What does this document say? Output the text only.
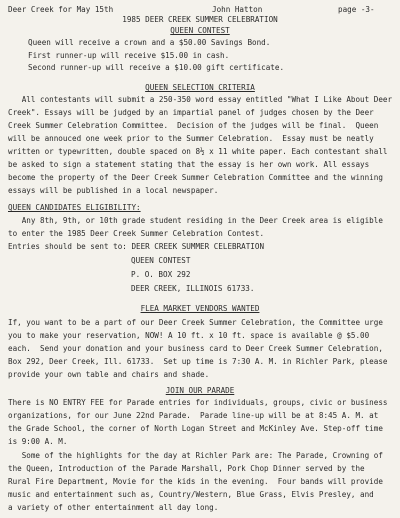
Deer Creek for May 15th	John Hatton	page -3-
1985 DEER CREEK SUMMER CELEBRATION
QUEEN CONTEST
Queen will receive a crown and a $50.00 Savings Bond.
First runner-up will receive $15.00 in cash.
Second runner-up will receive a $10.00 gift certificate.
QUEEN SELECTION CRITERIA
All contestants will submit a 250-350 word essay entitled "What I Like About Deer
Creek". Essays will be judged by an impartial panel of judges chosen by the Deer
Creek Summer Celebration Committee.  Decision of the judges will be final.  Queen
will be annouced one week prior to the Summer Celebration.  Essay must be neatly
written or typewritten, double spaced on 8½ x 11 white paper. Each contestant shall
be asked to sign a statement stating that the essay is her own work. All essays
become the property of the Deer Creek Summer Celebration Committee and the winning
essays will be published in a local newspaper.
QUEEN CANDIDATES ELIGIBILITY:
Any 8th, 9th, or 10th grade student residing in the Deer Creek area is eligible
to enter the 1985 Deer Creek Summer Celebration Contest.
Entries should be sent to: DEER CREEK SUMMER CELEBRATION
QUEEN CONTEST
P. O. BOX 292
DEER CREEK, ILLINOIS 61733.
FLEA MARKET VENDORS WANTED
If, you want to be a part of our Deer Creek Summer Celebration, the Committee urge
you to make your reservation, NOW! A 10 ft. x 10 ft. space is available @ $5.00
each.  Send your donation and your business card to Deer Creek Summer Celebration,
Box 292, Deer Creek, Ill. 61733.  Set up time is 7:30 A. M. in Richler Park, please
provide your own table and chairs and shade.
JOIN OUR PARADE
There is NO ENTRY FEE for Parade entries for individuals, groups, civic or business
organizations, for our June 22nd Parade.  Parade line-up will be at 8:45 A. M. at
the Grade School, the corner of North Logan Street and McKinley Ave. Step-off time
is 9:00 A. M.
Some of the highlights for the day at Richler Park are: The Parade, Crowning of
the Queen, Introduction of the Parade Marshall, Pork Chop Dinner served by the
Rural Fire Department, Movie for the kids in the evening.  Four bands will provide
music and entertainment such as, Country/Western, Blue Grass, Elvis Presley, and
a variety of other entertainment all day long.
